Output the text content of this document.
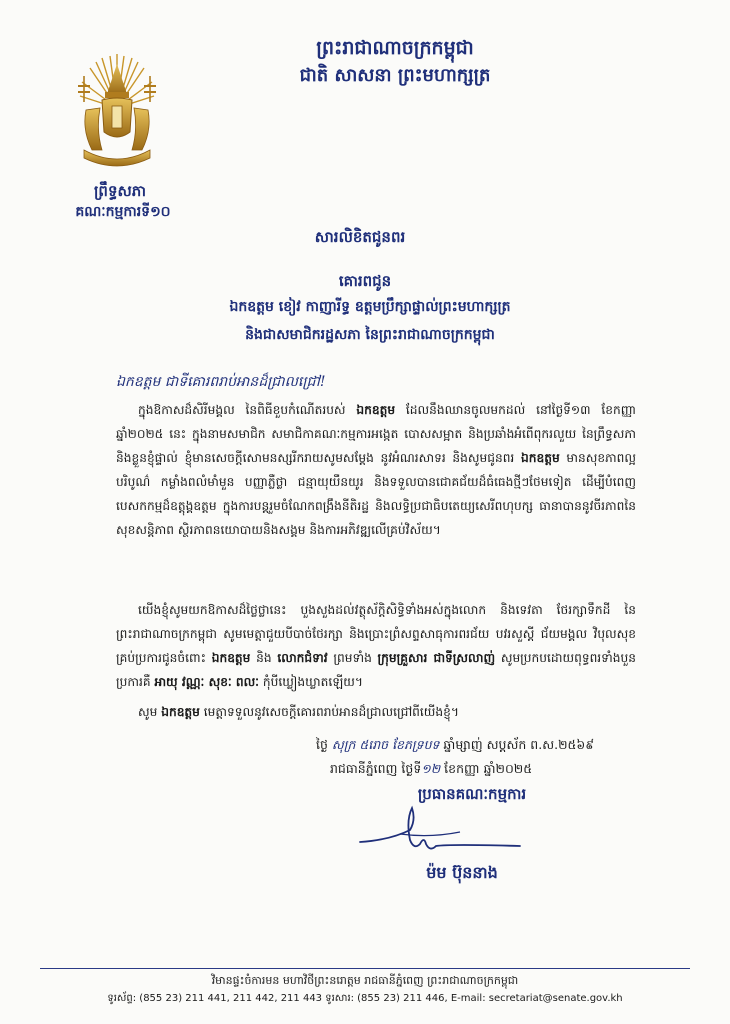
ព្រះរាជាណាចក្រកម្ពុជា
ជាតិ សាសនា ព្រះមហាក្សត្រ
ព្រឹទ្ធសភា
គណៈកម្មការទី១០
សារលិខិតជូនពរ
គោរពជូន
ឯកឧត្តម ខៀវ កាញារីទ្ធ ឧត្តមប្រឹក្សាផ្ទាល់ព្រះមហាក្សត្រ
និងជាសមាជិករដ្ឋសភា នៃព្រះរាជាណាចក្រកម្ពុជា
ឯកឧត្តម ជាទីគោរពរាប់អានដ៏ជ្រាលជ្រៅ!
ក្នុងឱកាសដ៏សិរីមង្គល នៃពិធីខួបកំណើតរបស់ ឯកឧត្តម ដែលនឹងឈានចូលមកដល់ នៅថ្ងៃទី១៣ ខែកញ្ញា ឆ្នាំ២០២៥ នេះ ក្នុងនាមសមាជិក សមាជិកាគណៈកម្មការអង្កេត បោសសម្អាត និងប្រឆាំងអំពើពុករលួយ នៃព្រឹទ្ធសភា និងខ្លួនខ្ញុំផ្ទាល់ ខ្ញុំមានសេចក្ដីសោមនស្សរីករាយសូមសម្ដែង នូវអំណរសាទរ និងសូមជូនពរ ឯកឧត្តម មានសុខភាពល្អបរិបូណ៌ កម្លាំងពលំមាំមួន បញ្ញាភ្លឺថ្លា ជន្មាយុយឺនយូរ និងទទួលបានជោគជ័យដ៏ធំធេងថ្មីៗថែមទៀត ដើម្បីបំពេញបេសកកម្មដ៏ឧត្ដុង្គឧត្ដម ក្នុងការបន្តរួមចំណែកពង្រឹងនីតិរដ្ឋ និងលទ្ធិប្រជាធិបតេយ្យសេរីពហុបក្ស ធានាបាននូវចីរភាពនៃ សុខសន្តិភាព ស្ថិរភាពនយោបាយនិងសង្គម និងការអភិវឌ្ឍលើគ្រប់វិស័យ។
យើងខ្ញុំសូមយកឱកាសដ៏ថ្លៃថ្លានេះ បួងសួងដល់វត្ថុស័ក្ដិសិទ្ធិទាំងអស់ក្នុងលោក និងទេវតា ថែរក្សាទឹកដី នៃព្រះរាជាណាចក្រកម្ពុជា សូមមេត្តាជួយបីបាច់ថែរក្សា និងប្រោះព្រំសព្ទសាធុការពរជ័យ បវរសួស្ដី ជ័យមង្គល វិបុលសុខគ្រប់ប្រការជូនចំពោះ ឯកឧត្តម និង លោកជំទាវ ព្រមទាំង ក្រុមគ្រួសារ ជាទីស្រលាញ់ សូមប្រកបដោយពុទ្ធពរទាំងបួនប្រការគឺ អាយុ វណ្ណៈ សុខៈ ពលៈ កុំបីឃ្លៀងឃ្លាតឡើយ។
សូម ឯកឧត្តម មេត្តាទទួលនូវសេចក្តីគោរពរាប់អានដ៏ជ្រាលជ្រៅពីយើងខ្ញុំ។
ថ្ងៃ សុក្រ ៥រោច ខែភទ្របទ ឆ្នាំម្សាញ់ សប្តស័ក ព.ស.២៥៦៩
រាជធានីភ្នំពេញ ថ្ងៃទី១២ ខែកញ្ញា ឆ្នាំ២០២៥
ប្រធានគណៈកម្មការ
ម៉ម ប៊ុននាង
វិមានផ្ទះចំការមន មហាវិថីព្រះនរោត្តម រាជធានីភ្នំពេញ ព្រះរាជាណាចក្រកម្ពុជា
ទូរស័ព្ទ: (855 23) 211 441, 211 442, 211 443 ទូរសារ: (855 23) 211 446, E-mail: secretariat@senate.gov.kh
